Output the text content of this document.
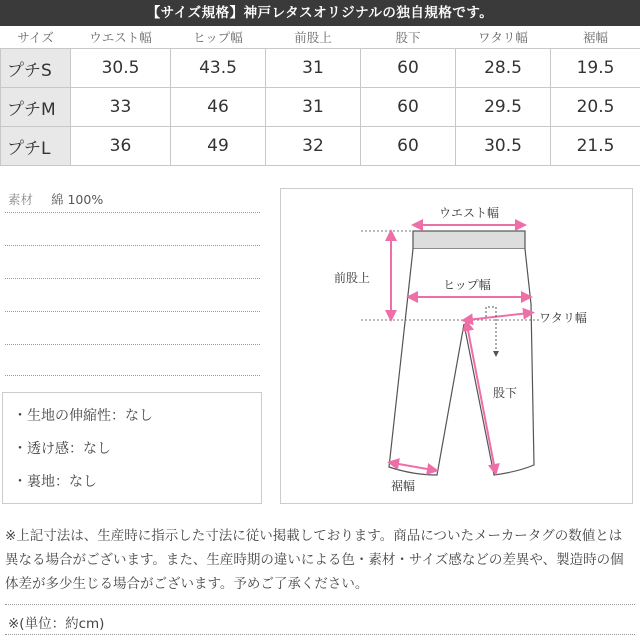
【サイズ規格】神戸レタスオリジナルの独自規格です。
サイズ	ウエスト幅	ヒップ幅	前股上	股下	ワタリ幅	裾幅
プチS	30.5	43.5	31	60	28.5	19.5
プチM	33	46	31	60	29.5	20.5
プチL	36	49	32	60	30.5	21.5
素材 綿 100%
・生地の伸縮性：なし
・透け感：なし
・裏地：なし
ウエスト幅
前股上	ヒップ幅
ワタリ幅
股下
裾幅
※上記寸法は、生産時に指示した寸法に従い掲載しております。商品についたメーカータグの数値とは異なる場合がございます。また、生産時期の違いによる色・素材・サイズ感などの差異や、製造時の個体差が多少生じる場合がございます。予めご了承ください。
※(単位：約cm)
